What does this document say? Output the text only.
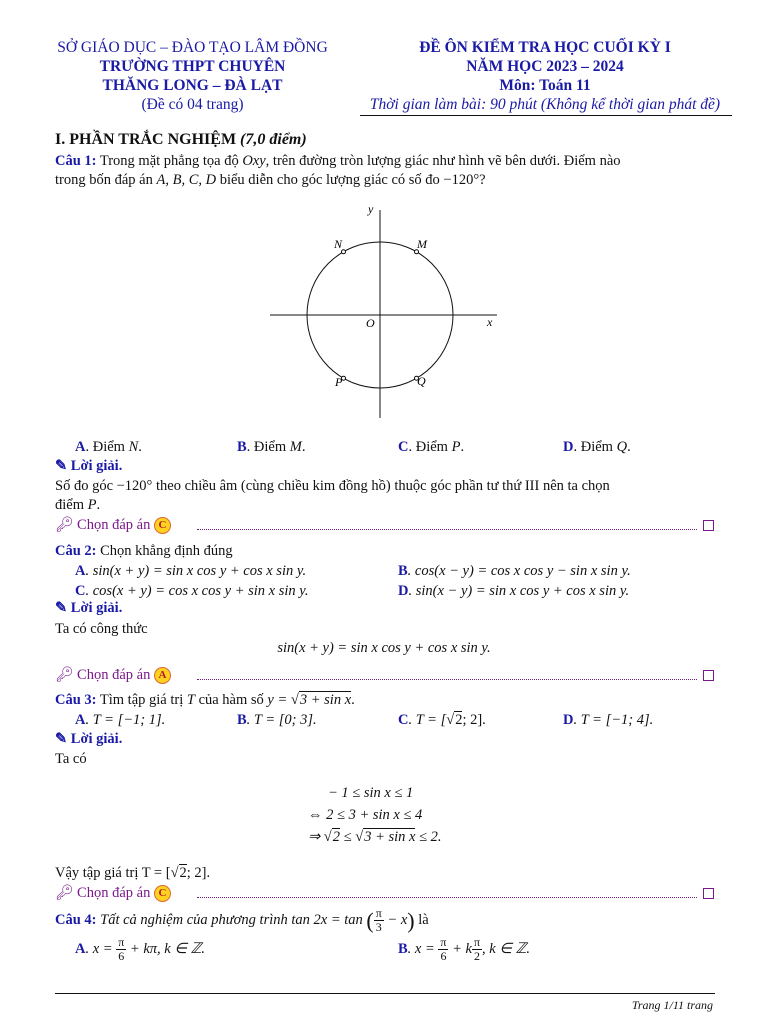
SỞ GIÁO DỤC – ĐÀO TẠO LÂM ĐỒNG
TRƯỜNG THPT CHUYÊN
THĂNG LONG – ĐÀ LẠT
(Đề có 04 trang)
ĐỀ ÔN KIỂM TRA HỌC CUỐI KỲ I
NĂM HỌC 2023 – 2024
Môn: Toán 11
Thời gian làm bài: 90 phút (Không kể thời gian phát đề)
I. PHẦN TRẮC NGHIỆM (7,0 điểm)
Câu 1: Trong mặt phẳng tọa độ Oxy, trên đường tròn lượng giác như hình vẽ bên dưới. Điểm nào
trong bốn đáp án A, B, C, D biểu diễn cho góc lượng giác có số đo −120°?
y
x
O
M
N
P	Q
A. Điểm N.	B. Điểm M.	C. Điểm P.	D. Điểm Q.
✎ Lời giải.
Số đo góc −120° theo chiều âm (cùng chiều kim đồng hồ) thuộc góc phần tư thứ III nên ta chọn
điểm P.
🔑︎ Chọn đáp án C
Câu 2: Chọn khẳng định đúng
A. sin(x + y) = sin x cos y + cos x sin y.	B. cos(x − y) = cos x cos y − sin x sin y.
C. cos(x + y) = cos x cos y + sin x sin y.	D. sin(x − y) = sin x cos y + cos x sin y.
✎ Lời giải.
Ta có công thức
sin(x + y) = sin x cos y + cos x sin y.
🔑︎ Chọn đáp án A
Câu 3: Tìm tập giá trị T của hàm số y = √3 + sin x.
A. T = [−1; 1].	B. T = [0; 3].	C. T = [√2; 2].	D. T = [−1; 4].
✎ Lời giải.
Ta có
− 1 ≤ sin x ≤ 1
⇔ 2 ≤ 3 + sin x ≤ 4
⇒ √2 ≤ √3 + sin x ≤ 2.
Vậy tập giá trị T = [√2; 2].
🔑︎ Chọn đáp án C
Câu 4: Tất cả nghiệm của phương trình tan 2x = tan ( $\frac{\pi}{3} - x$) là
A. $x = \frac{\pi}{6} + k\pi$, k ∈ ℤ.	B. $x = \frac{\pi}{6} + k \frac{\pi}{2}$ , k ∈ ℤ.
Trang 1/11 trang
